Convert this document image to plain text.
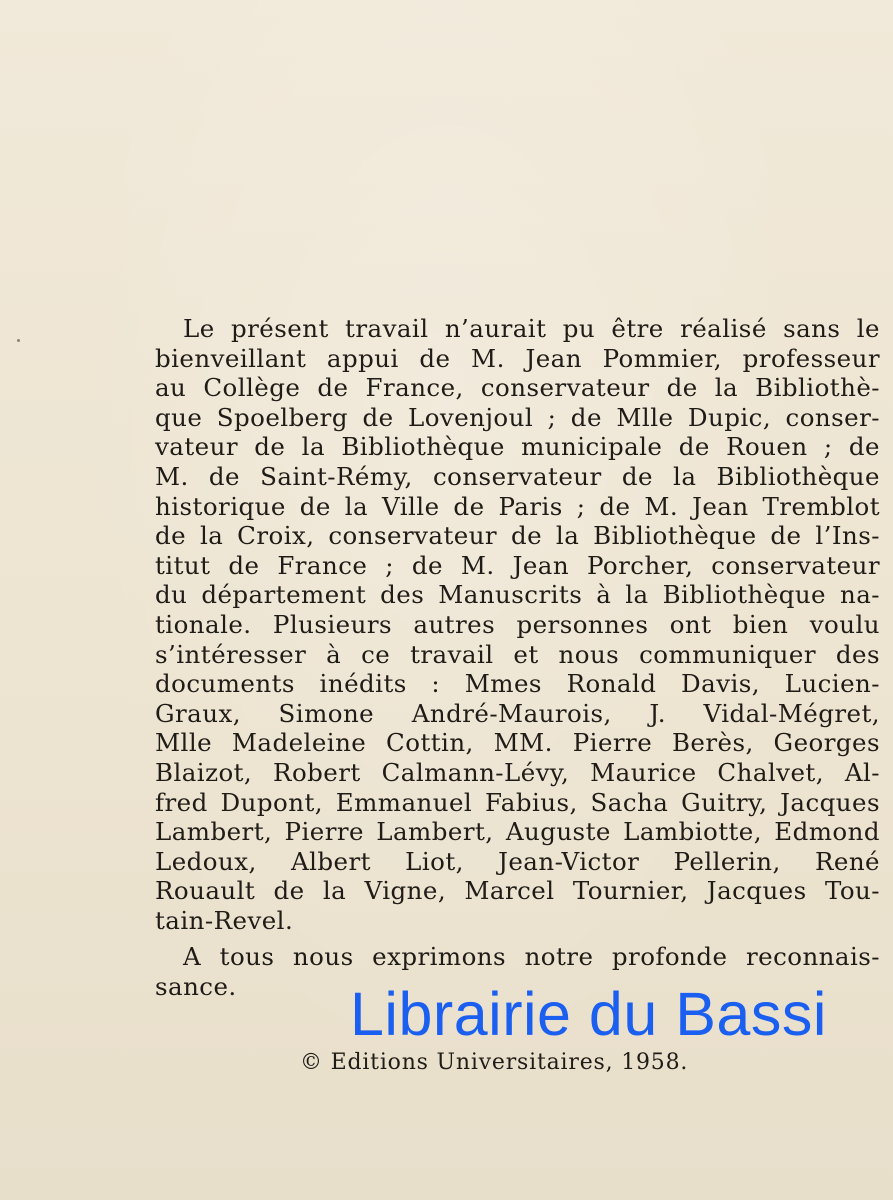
Le présent travail n’aurait pu être réalisé sans le
bienveillant appui de M. Jean Pommier, professeur
au Collège de France, conservateur de la Bibliothè-
que Spoelberg de Lovenjoul ; de Mlle Dupic, conser-
vateur de la Bibliothèque municipale de Rouen ; de
M. de Saint-Rémy, conservateur de la Bibliothèque
historique de la Ville de Paris ; de M. Jean Tremblot
de la Croix, conservateur de la Bibliothèque de l’Ins-
titut de France ; de M. Jean Porcher, conservateur
du département des Manuscrits à la Bibliothèque na-
tionale. Plusieurs autres personnes ont bien voulu
s’intéresser à ce travail et nous communiquer des
documents inédits : Mmes Ronald Davis, Lucien-
Graux, Simone André-Maurois, J. Vidal-Mégret,
Mlle Madeleine Cottin, MM. Pierre Berès, Georges
Blaizot, Robert Calmann-Lévy, Maurice Chalvet, Al-
fred Dupont, Emmanuel Fabius, Sacha Guitry, Jacques
Lambert, Pierre Lambert, Auguste Lambiotte, Edmond
Ledoux, Albert Liot, Jean-Victor Pellerin, René
Rouault de la Vigne, Marcel Tournier, Jacques Tou-
tain-Revel.
A tous nous exprimons notre profonde reconnais-
sance.	Librairie du Bassi
© Editions Universitaires, 1958.
